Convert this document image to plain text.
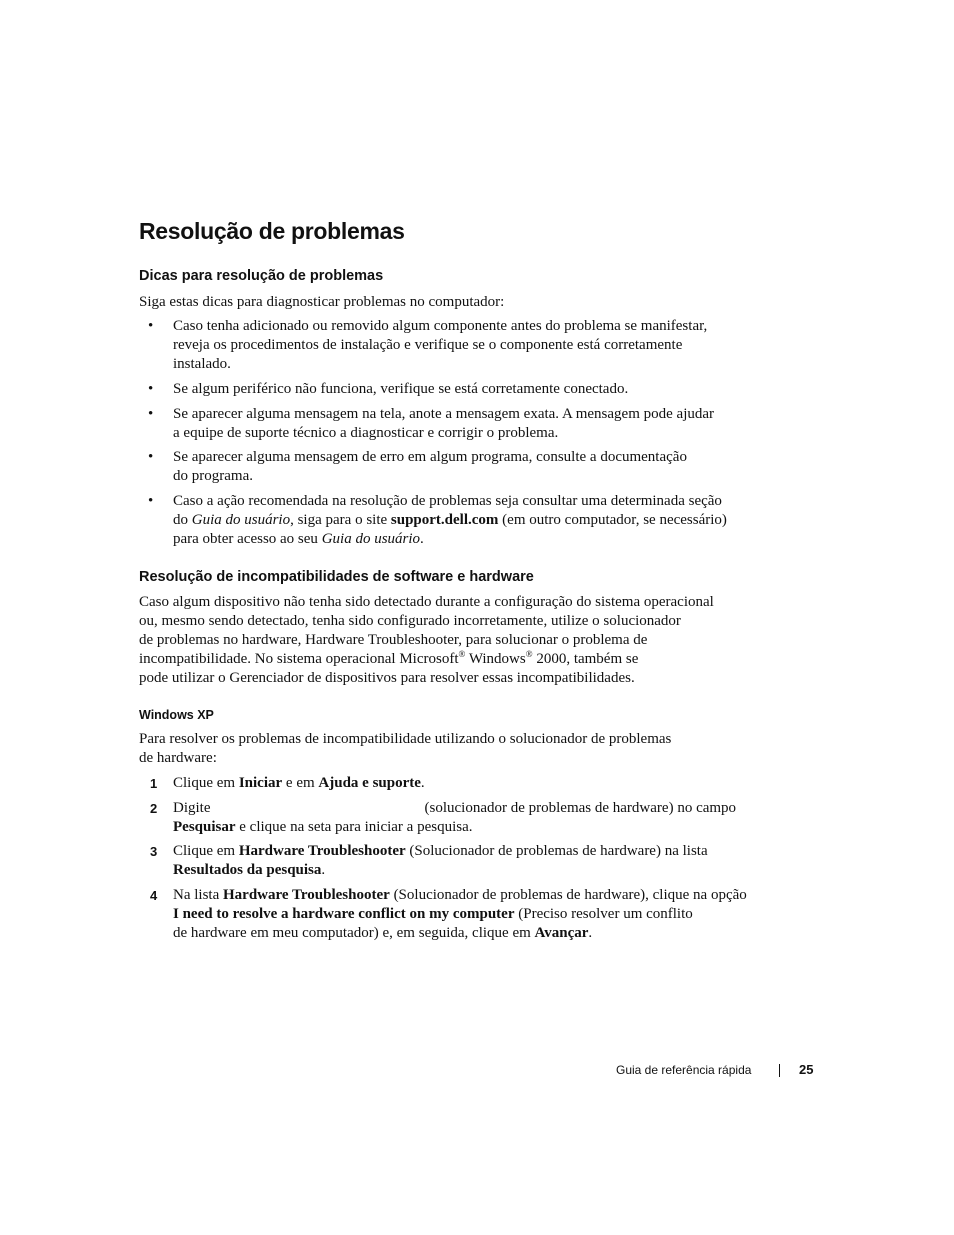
Resolução de problemas
Dicas para resolução de problemas

Siga estas dicas para diagnosticar problemas no computador:

• Caso tenha adicionado ou removido algum componente antes do problema se manifestar,
reveja os procedimentos de instalação e verifique se o componente está corretamente
instalado.

• Se algum periférico não funciona, verifique se está corretamente conectado.

• Se aparecer alguma mensagem na tela, anote a mensagem exata. A mensagem pode ajudar
a equipe de suporte técnico a diagnosticar e corrigir o problema.

• Se aparecer alguma mensagem de erro em algum programa, consulte a documentação
do programa.

• Caso a ação recomendada na resolução de problemas seja consultar uma determinada seção
do Guia do usuário, siga para o site support.dell.com (em outro computador, se necessário)
para obter acesso ao seu Guia do usuário.

Resolução de incompatibilidades de software e hardware

Caso algum dispositivo não tenha sido detectado durante a configuração do sistema operacional
ou, mesmo sendo detectado, tenha sido configurado incorretamente, utilize o solucionador
de problemas no hardware, Hardware Troubleshooter, para solucionar o problema de
incompatibilidade. No sistema operacional Microsoft® Windows® 2000, também se
pode utilizar o Gerenciador de dispositivos para resolver essas incompatibilidades.

Windows XP

Para resolver os problemas de incompatibilidade utilizando o solucionador de problemas
de hardware:

1 Clique em Iniciar e em Ajuda e suporte.

2 Digite	(solucionador de problemas de hardware) no campo
Pesquisar e clique na seta para iniciar a pesquisa.

3 Clique em Hardware Troubleshooter (Solucionador de problemas de hardware) na lista
Resultados da pesquisa.

4 Na lista Hardware Troubleshooter (Solucionador de problemas de hardware), clique na opção
I need to resolve a hardware conflict on my computer (Preciso resolver um conflito
de hardware em meu computador) e, em seguida, clique em Avançar.

Guia de referência rápida	25
